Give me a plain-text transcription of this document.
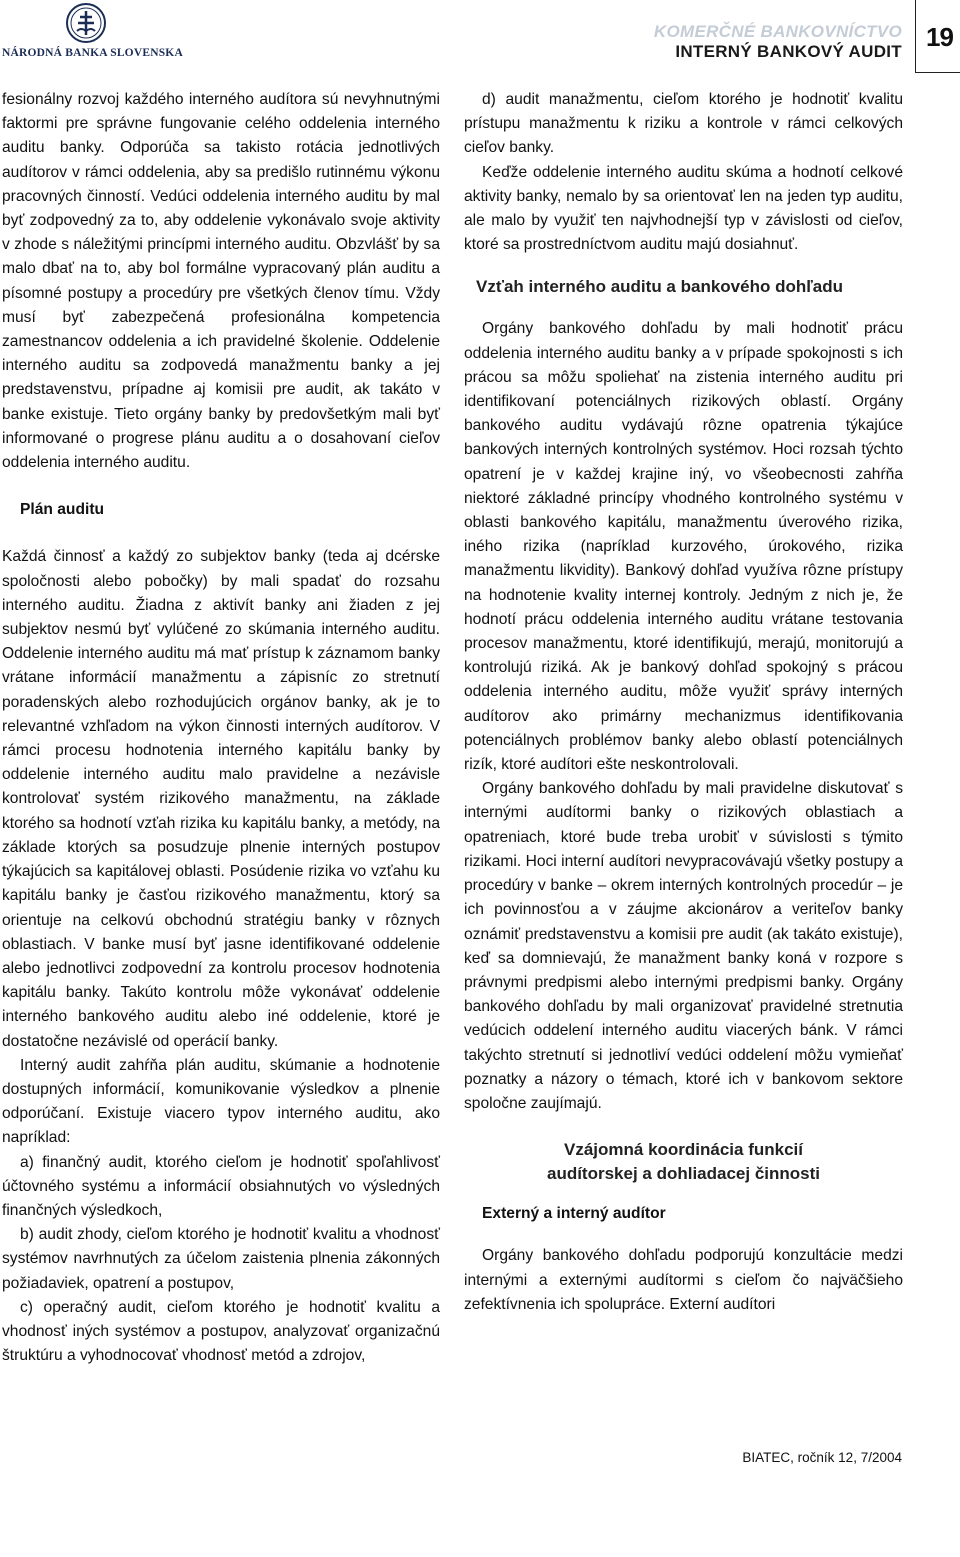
NÁRODNÁ BANKA SLOVENSKA
KOMERČNÉ BANKOVNÍCTVO
INTERNÝ BANKOVÝ AUDIT 19

fesionálny rozvoj každého interného audítora sú nevyhnutnými faktormi pre správne fungovanie celého oddelenia interného auditu banky. Odporúča sa takisto rotácia jednotlivých audítorov v rámci oddelenia, aby sa predišlo rutinnému výkonu pracovných činností. Vedúci oddelenia interného auditu by mal byť zodpovedný za to, aby oddelenie vykonávalo svoje aktivity v zhode s náležitými princípmi interného auditu. Obzvlášť by sa malo dbať na to, aby bol formálne vypracovaný plán auditu a písomné postupy a procedúry pre všetkých členov tímu. Vždy musí byť zabezpečená profesionálna kompetencia zamestnancov oddelenia a ich pravidelné školenie. Oddelenie interného auditu sa zodpovedá manažmentu banky a jej predstavenstvu, prípadne aj komisii pre audit, ak takáto v banke existuje. Tieto orgány banky by predovšetkým mali byť informované o progrese plánu auditu a o dosahovaní cieľov oddelenia interného auditu.

Plán auditu

Každá činnosť a každý zo subjektov banky (teda aj dcérske spoločnosti alebo pobočky) by mali spadať do rozsahu interného auditu. Žiadna z aktivít banky ani žiaden z jej subjektov nesmú byť vylúčené zo skúmania interného auditu. Oddelenie interného auditu má mať prístup k záznamom banky vrátane informácií manažmentu a zápisníc zo stretnutí poradenských alebo rozhodujúcich orgánov banky, ak je to relevantné vzhľadom na výkon činnosti interných audítorov. V rámci procesu hodnotenia interného kapitálu banky by oddelenie interného auditu malo pravidelne a nezávisle kontrolovať systém rizikového manažmentu, na základe ktorého sa hodnotí vzťah rizika ku kapitálu banky, a metódy, na základe ktorých sa posudzuje plnenie interných postupov týkajúcich sa kapitálovej oblasti. Posúdenie rizika vo vzťahu ku kapitálu banky je časťou rizikového manažmentu, ktorý sa orientuje na celkovú obchodnú stratégiu banky v rôznych oblastiach. V banke musí byť jasne identifikované oddelenie alebo jednotlivci zodpovední za kontrolu procesov hodnotenia kapitálu banky. Takúto kontrolu môže vykonávať oddelenie interného bankového auditu alebo iné oddelenie, ktoré je dostatočne nezávislé od operácií banky.

Interný audit zahŕňa plán auditu, skúmanie a hodnotenie dostupných informácií, komunikovanie výsledkov a plnenie odporúčaní. Existuje viacero typov interného auditu, ako napríklad:

a) finančný audit, ktorého cieľom je hodnotiť spoľahlivosť účtovného systému a informácií obsiahnutých vo výsledných finančných výsledkoch,

b) audit zhody, cieľom ktorého je hodnotiť kvalitu a vhodnosť systémov navrhnutých za účelom zaistenia plnenia zákonných požiadaviek, opatrení a postupov,

c) operačný audit, cieľom ktorého je hodnotiť kvalitu a vhodnosť iných systémov a postupov, analyzovať organizačnú štruktúru a vyhodnocovať vhodnosť metód a zdrojov,

d) audit manažmentu, cieľom ktorého je hodnotiť kvalitu prístupu manažmentu k riziku a kontrole v rámci celkových cieľov banky.

Keďže oddelenie interného auditu skúma a hodnotí celkové aktivity banky, nemalo by sa orientovať len na jeden typ auditu, ale malo by využiť ten najvhodnejší typ v závislosti od cieľov, ktoré sa prostredníctvom auditu majú dosiahnuť.

Vzťah interného auditu a bankového dohľadu

Orgány bankového dohľadu by mali hodnotiť prácu oddelenia interného auditu banky a v prípade spokojnosti s ich prácou sa môžu spoliehať na zistenia interného auditu pri identifikovaní potenciálnych rizikových oblastí. Orgány bankového auditu vydávajú rôzne opatrenia týkajúce bankových interných kontrolných systémov. Hoci rozsah týchto opatrení je v každej krajine iný, vo všeobecnosti zahŕňa niektoré základné princípy vhodného kontrolného systému v oblasti bankového kapitálu, manažmentu úverového rizika, iného rizika (napríklad kurzového, úrokového, rizika manažmentu likvidity). Bankový dohľad využíva rôzne prístupy na hodnotenie kvality internej kontroly. Jedným z nich je, že hodnotí prácu oddelenia interného auditu vrátane testovania procesov manažmentu, ktoré identifikujú, merajú, monitorujú a kontrolujú riziká. Ak je bankový dohľad spokojný s prácou oddelenia interného auditu, môže využiť správy interných audítorov ako primárny mechanizmus identifikovania potenciálnych problémov banky alebo oblastí potenciálnych rizík, ktoré audítori ešte neskontrolovali.

Orgány bankového dohľadu by mali pravidelne diskutovať s internými audítormi banky o rizikových oblastiach a opatreniach, ktoré bude treba urobiť v súvislosti s týmito rizikami. Hoci interní audítori nevypracovávajú všetky postupy a procedúry v banke – okrem interných kontrolných procedúr – je ich povinnosťou a v záujme akcionárov a veriteľov banky oznámiť predstavenstvu a komisii pre audit (ak takáto existuje), keď sa domnievajú, že manažment banky koná v rozpore s právnymi predpismi alebo internými predpismi banky. Orgány bankového dohľadu by mali organizovať pravidelné stretnutia vedúcich oddelení interného auditu viacerých bánk. V rámci takýchto stretnutí si jednotliví vedúci oddelení môžu vymieňať poznatky a názory o témach, ktoré ich v bankovom sektore spoločne zaujímajú.

Vzájomná koordinácia funkcií
audítorskej a dohliadacej činnosti
Externý a interný audítor

Orgány bankového dohľadu podporujú konzultácie medzi internými a externými audítormi s cieľom čo najväčšieho zefektívnenia ich spolupráce. Externí audítori

BIATEC, ročník 12, 7/2004
